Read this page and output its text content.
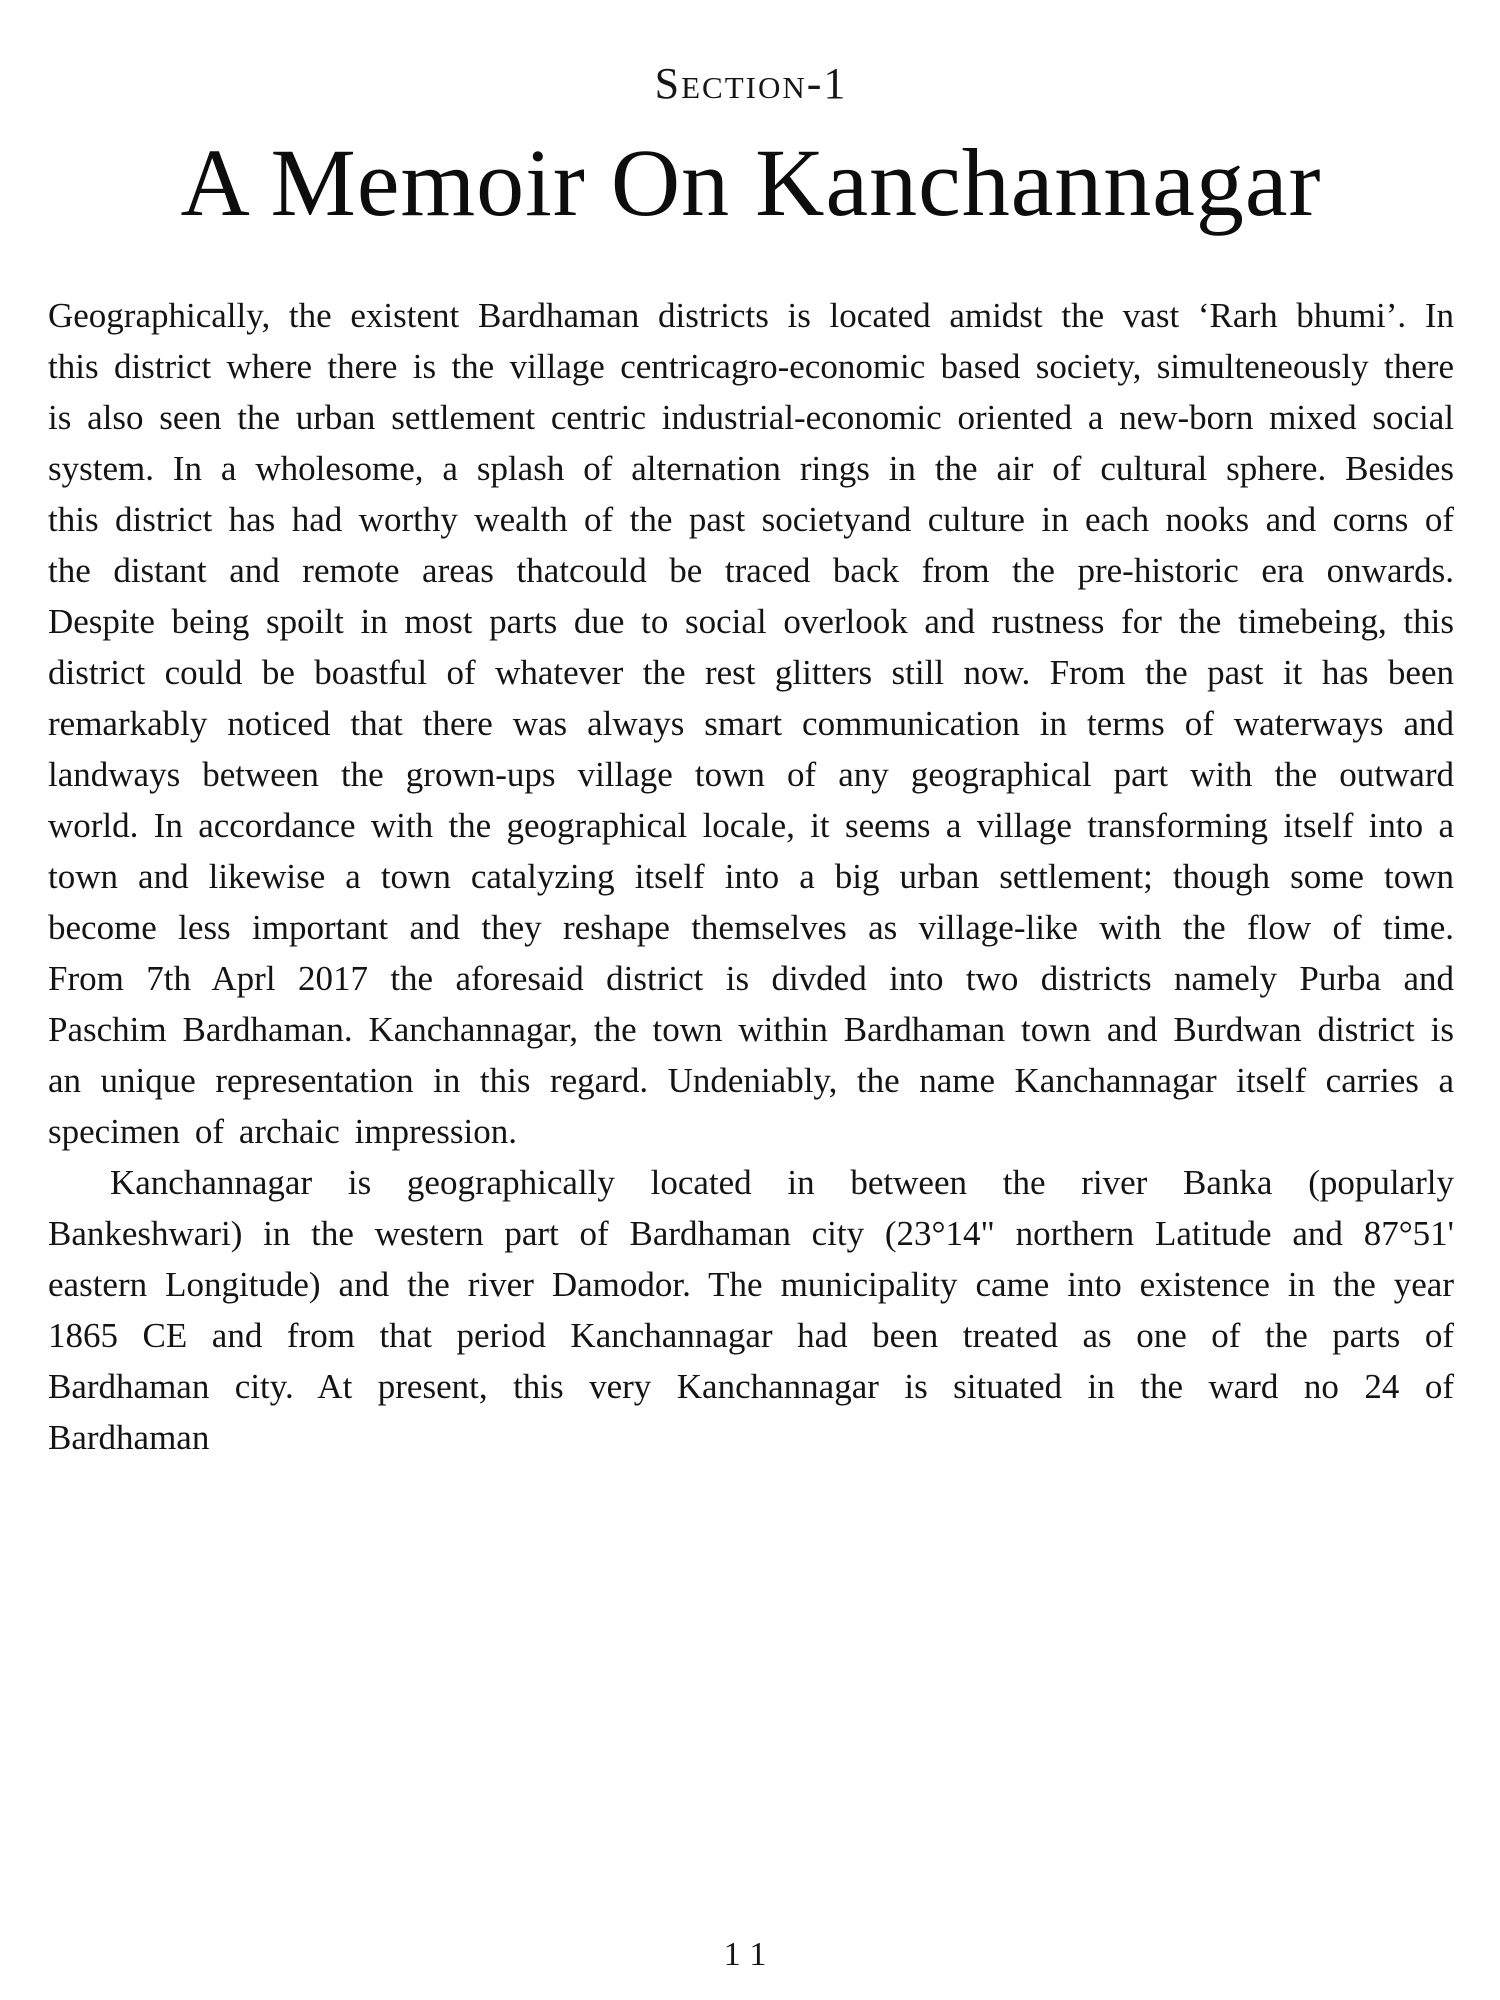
Section-1
A Memoir On Kanchannagar

Geographically, the existent Bardhaman districts is located amidst the vast ‘Rarh bhumi’. In this district where there is the village centricagro-economic based society, simulteneously there is also seen the urban settlement centric industrial-economic oriented a new-born mixed social system. In a wholesome, a splash of alternation rings in the air of cultural sphere. Besides this district has had worthy wealth of the past societyand culture in each nooks and corns of the distant and remote areas thatcould be traced back from the pre-historic era onwards. Despite being spoilt in most parts due to social overlook and rustness for the timebeing, this district could be boastful of whatever the rest glitters still now. From the past it has been remarkably noticed that there was always smart communication in terms of waterways and landways between the grown-ups village town of any geographical part with the outward world. In accordance with the geographical locale, it seems a village transforming itself into a town and likewise a town catalyzing itself into a big urban settlement; though some town become less important and they reshape themselves as village-like with the flow of time. From 7th Aprl 2017 the aforesaid district is divded into two districts namely Purba and Paschim Bardhaman. Kanchannagar, the town within Bardhaman town and Burdwan district is an unique representation in this regard. Undeniably, the name Kanchannagar itself carries a specimen of archaic impression.

Kanchannagar is geographically located in between the river Banka (popularly Bankeshwari) in the western part of Bardhaman city (23°14" northern Latitude and 87°51' eastern Longitude) and the river Damodor. The municipality came into existence in the year 1865 CE and from that period Kanchannagar had been treated as one of the parts of Bardhaman city. At present, this very Kanchannagar is situated in the ward no 24 of Bardhaman

11
